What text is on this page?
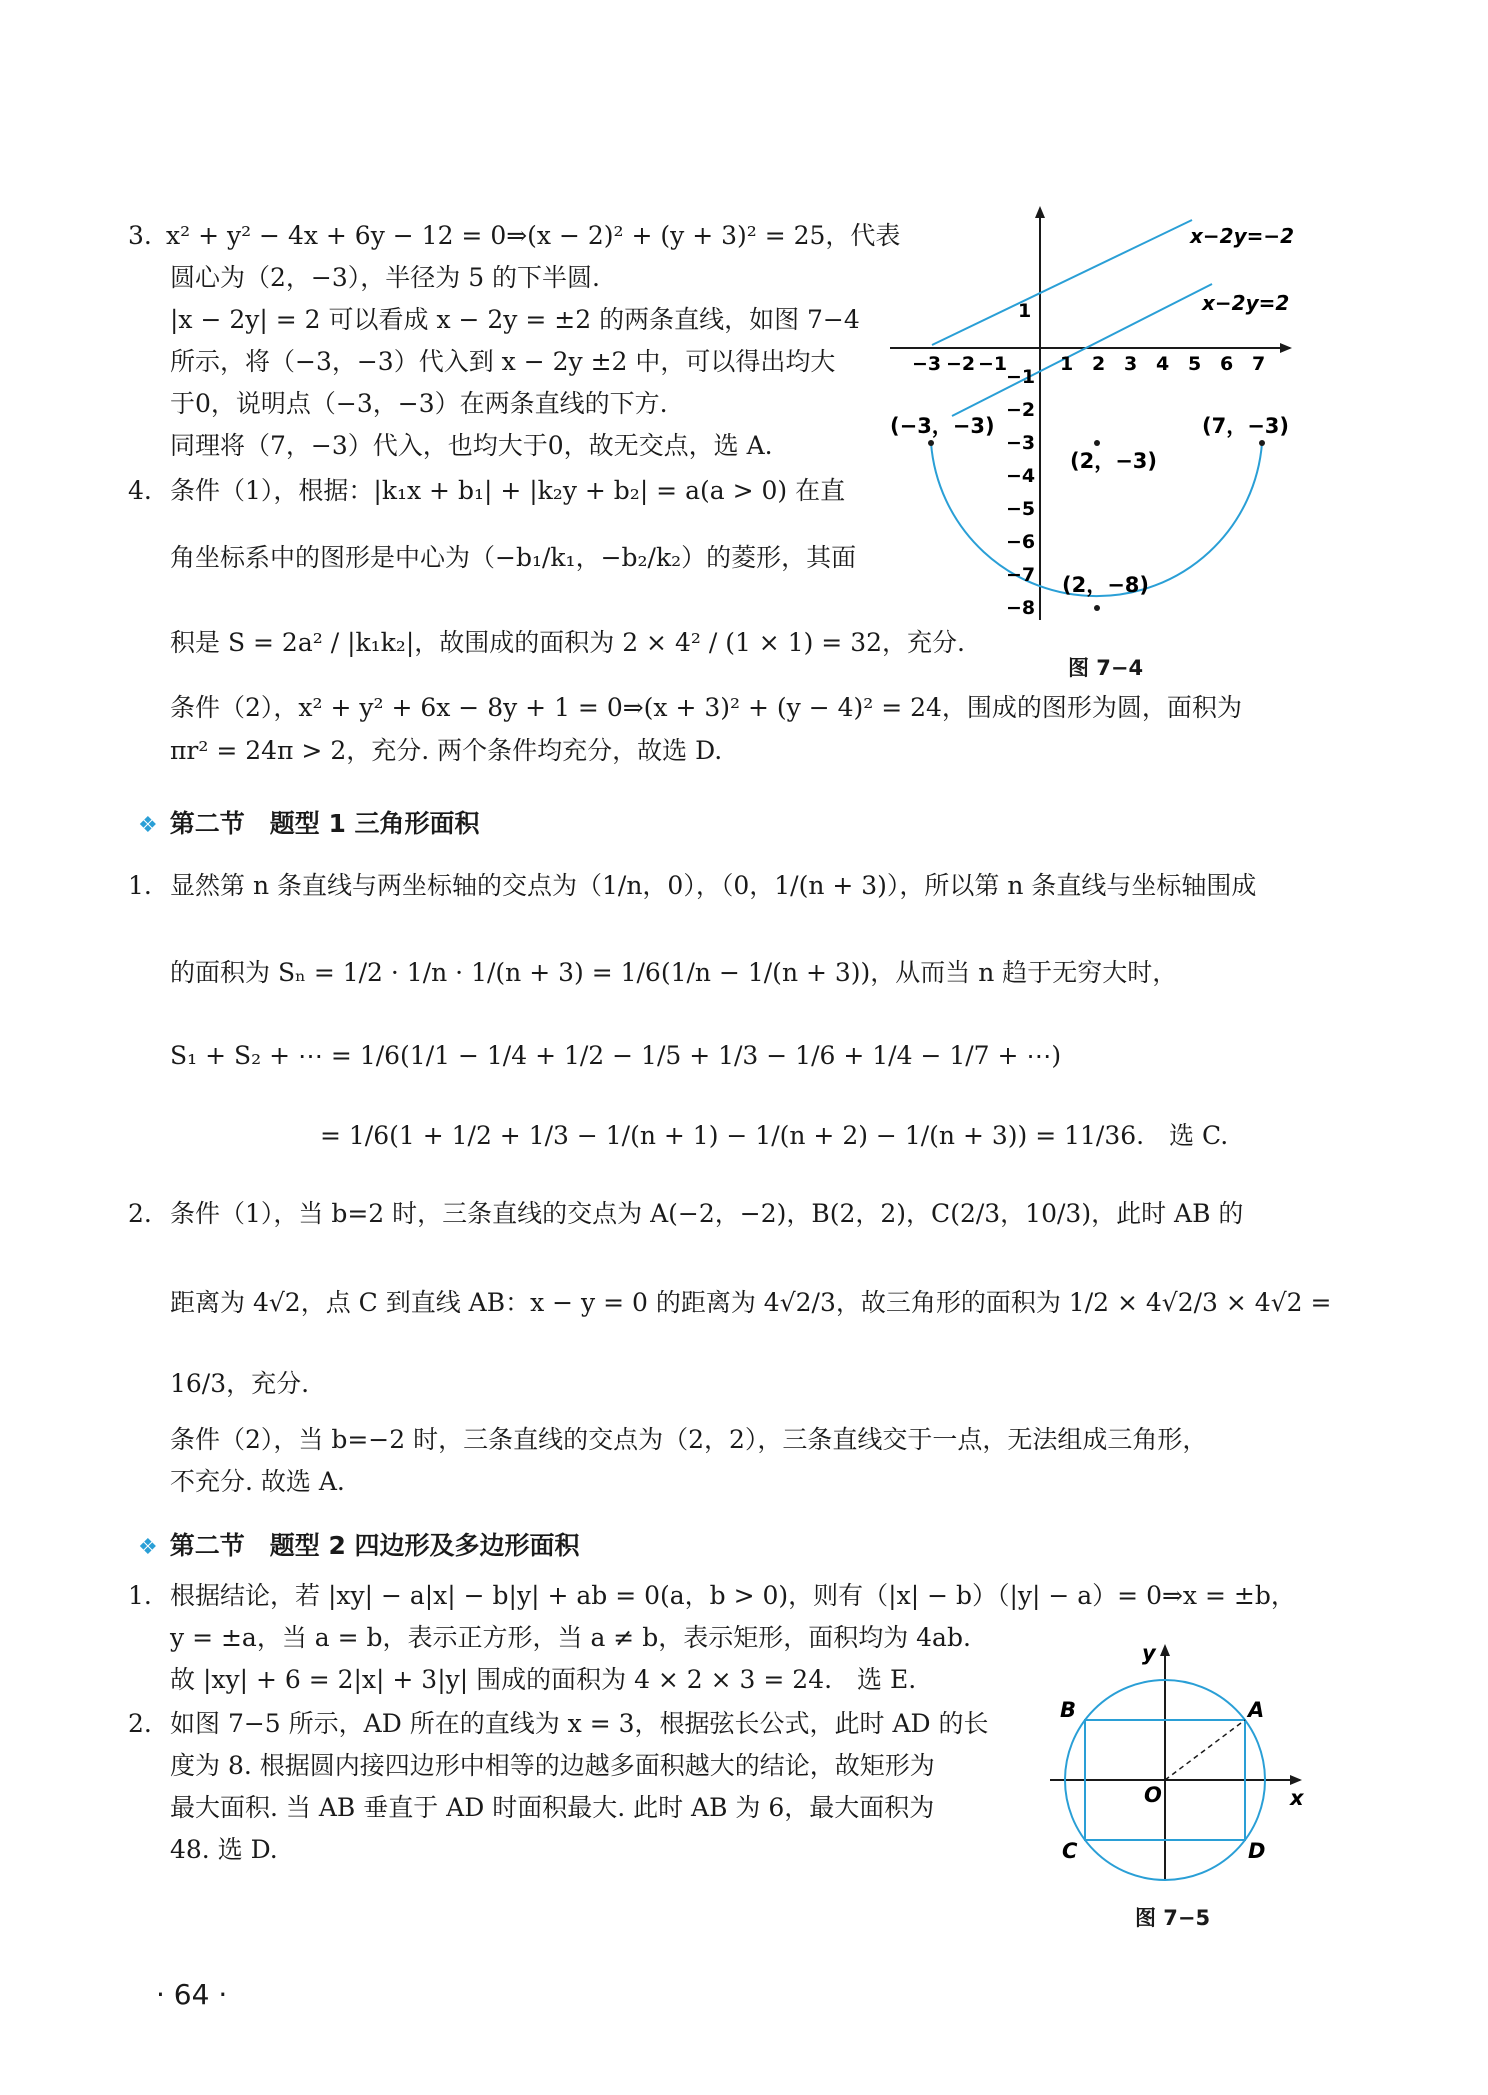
3. x² + y² − 4x + 6y − 12 = 0⇒(x − 2)² + (y + 3)² = 25，代表
圆心为（2，−3），半径为 5 的下半圆.
|x − 2y| = 2 可以看成 x − 2y = ±2 的两条直线，如图 7−4
所示，将（−3，−3）代入到 x − 2y ±2 中，可以得出均大
于0，说明点（−3，−3）在两条直线的下方.
同理将（7，−3）代入，也均大于0，故无交点，选 A.
4. 条件（1），根据：|k₁x + b₁| + |k₂y + b₂| = a(a > 0) 在直
角坐标系中的图形是中心为（−b₁/k₁，−b₂/k₂）的菱形，其面
积是 S = 2a² / |k₁k₂|，故围成的面积为 2 × 4² / (1 × 1) = 32，充分.
条件（2），x² + y² + 6x − 8y + 1 = 0⇒(x + 3)² + (y − 4)² = 24，围成的图形为圆，面积为
πr² = 24π > 2，充分. 两个条件均充分，故选 D.
x−2y=−2
x−2y=2
−3 −2 −1	1 2 3 4 5 6 7
1
−1
−2
−3
−4
−5
−6
−7
−8
(−3，−3)	(7，−3)
(2，−3)
(2，−8)
图 7−4
❖ 第二节　题型 1 三角形面积
1. 显然第 n 条直线与两坐标轴的交点为（1/n，0），（0，1/(n + 3)），所以第 n 条直线与坐标轴围成
的面积为 Sₙ = 1/2 · 1/n · 1/(n + 3) = 1/6(1/n − 1/(n + 3))，从而当 n 趋于无穷大时，
S₁ + S₂ + ⋯ = 1/6(1/1 − 1/4 + 1/2 − 1/5 + 1/3 − 1/6 + 1/4 − 1/7 + ⋯)
= 1/6(1 + 1/2 + 1/3 − 1/(n + 1) − 1/(n + 2) − 1/(n + 3)) = 11/36.　选 C.
2. 条件（1），当 b=2 时，三条直线的交点为 A(−2，−2)，B(2，2)，C(2/3，10/3)，此时 AB 的
距离为 4√2，点 C 到直线 AB：x − y = 0 的距离为 4√2/3，故三角形的面积为 1/2 × 4√2/3 × 4√2 =
16/3，充分.
条件（2），当 b=−2 时，三条直线的交点为（2，2），三条直线交于一点，无法组成三角形，
不充分. 故选 A.
❖ 第二节　题型 2 四边形及多边形面积
1. 根据结论，若 |xy| − a|x| − b|y| + ab = 0(a，b > 0)，则有（|x| − b）（|y| − a）= 0⇒x = ±b，
y = ±a，当 a = b，表示正方形，当 a ≠ b，表示矩形，面积均为 4ab.
故 |xy| + 6 = 2|x| + 3|y| 围成的面积为 4 × 2 × 3 = 24.　选 E.
2. 如图 7−5 所示，AD 所在的直线为 x = 3，根据弦长公式，此时 AD 的长
度为 8. 根据圆内接四边形中相等的边越多面积越大的结论，故矩形为
最大面积. 当 AB 垂直于 AD 时面积最大. 此时 AB 为 6，最大面积为
48. 选 D.
A
B
C	D
O	x
y
图 7−5
· 64 ·
